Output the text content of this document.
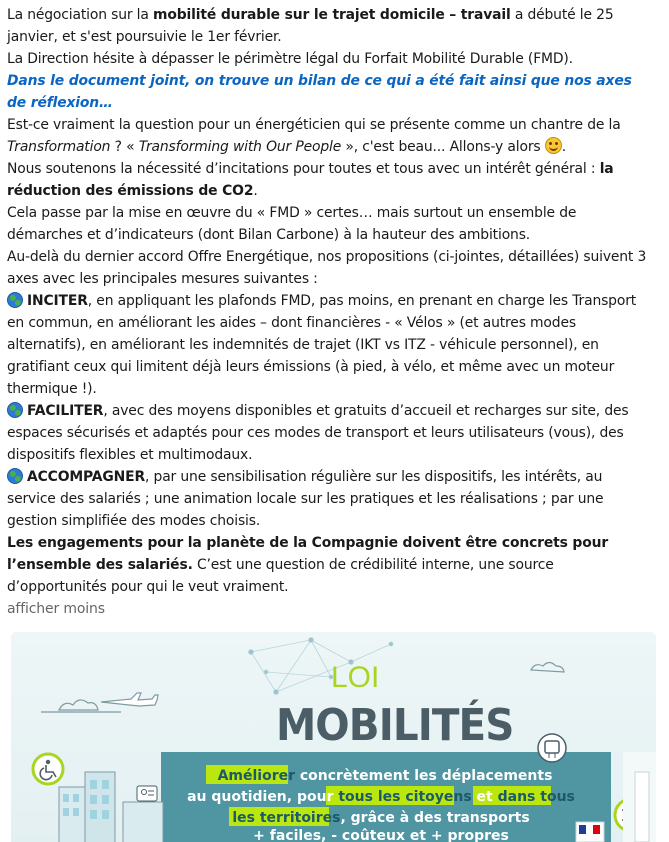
La négociation sur la mobilité durable sur le trajet domicile – travail a débuté le 25 janvier, et s'est poursuivie le 1er février.

La Direction hésite à dépasser le périmètre légal du Forfait Mobilité Durable (FMD).

Dans le document joint, on trouve un bilan de ce qui a été fait ainsi que nos axes de réflexion…

Est-ce vraiment la question pour un énergéticien qui se présente comme un chantre de la Transformation ? « Transforming with Our People », c'est beau... Allons-y alors .

Nous soutenons la nécessité d’incitations pour toutes et tous avec un intérêt général : la réduction des émissions de CO2.

Cela passe par la mise en œuvre du « FMD » certes… mais surtout un ensemble de démarches et d’indicateurs (dont Bilan Carbone) à la hauteur des ambitions.

Au-delà du dernier accord Offre Energétique, nos propositions (ci-jointes, détaillées) suivent 3 axes avec les principales mesures suivantes :

INCITER, en appliquant les plafonds FMD, pas moins, en prenant en charge les Transport en commun, en améliorant les aides – dont financières - « Vélos » (et autres modes alternatifs), en améliorant les indemnités de trajet (IKT vs ITZ - véhicule personnel), en gratifiant ceux qui limitent déjà leurs émissions (à pied, à vélo, et même avec un moteur thermique !).

FACILITER, avec des moyens disponibles et gratuits d’accueil et recharges sur site, des espaces sécurisés et adaptés pour ces modes de transport et leurs utilisateurs (vous), des dispositifs flexibles et multimodaux.

ACCOMPAGNER, par une sensibilisation régulière sur les dispositifs, les intérêts, au service des salariés ; une animation locale sur les pratiques et les réalisations ; par une gestion simplifiée des modes choisis.

Les engagements pour la planète de la Compagnie doivent être concrets pour l’ensemble des salariés. C’est une question de crédibilité interne, une source d’opportunités pour qui le veut vraiment.

afficher moins

LOI
MOBILITÉS
Améliorer concrètement les déplacements
au quotidien, pour tous les citoyens et dans tous
les territoires, grâce à des transports
+ faciles, - coûteux et + propres
